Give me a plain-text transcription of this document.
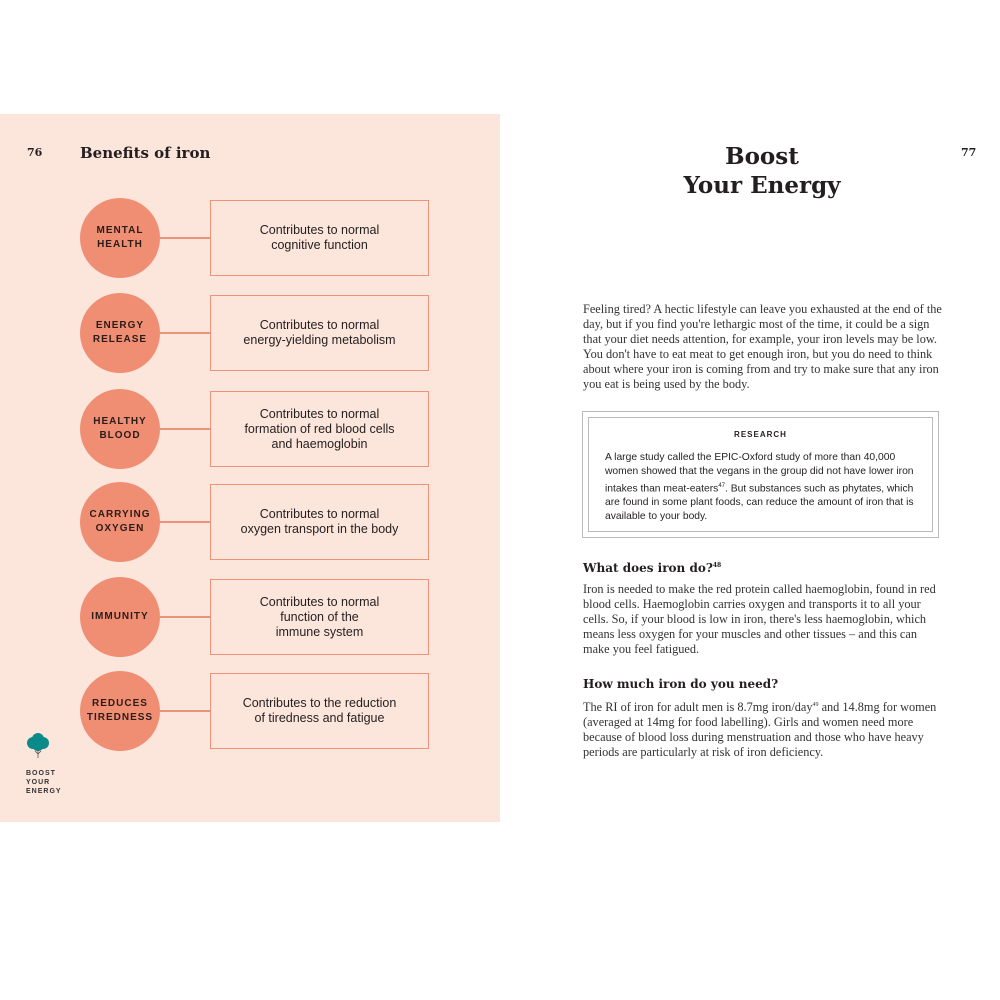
76	Benefits of iron
MENTAL
HEALTH
Contributes to normal
cognitive function
ENERGY
RELEASE
Contributes to normal
energy-yielding metabolism
HEALTHY
BLOOD
Contributes to normal
formation of red blood cells
and haemoglobin
CARRYING
OXYGEN
Contributes to normal
oxygen transport in the body
IMMUNITY
Contributes to normal
function of the
immune system
REDUCES
TIREDNESS
Contributes to the reduction
of tiredness and fatigue
BOOST
YOUR
ENERGY
77
Boost
Your Energy

Feeling tired? A hectic lifestyle can leave you exhausted at the end of the day, but if you find you're lethargic most of the time, it could be a sign that your diet needs attention, for example, your iron levels may be low. You don't have to eat meat to get enough iron, but you do need to think about where your iron is coming from and try to make sure that any iron you eat is being used by the body.

RESEARCH

A large study called the EPIC-Oxford study of more than 40,000 women showed that the vegans in the group did not have lower iron intakes than meat-eaters$^{47}$. But substances such as phytates, which are found in some plant foods, can reduce the amount of iron that is available to your body.

What does iron do?$^{48}$

Iron is needed to make the red protein called haemoglobin, found in red blood cells. Haemoglobin carries oxygen and transports it to all your cells. So, if your blood is low in iron, there's less haemoglobin, which means less oxygen for your muscles and other tissues – and this can make you feel fatigued.

How much iron do you need?

The RI of iron for adult men is 8.7mg iron/day$^{49}$ and 14.8mg for women (averaged at 14mg for food labelling). Girls and women need more because of blood loss during menstruation and those who have heavy periods are particularly at risk of iron deficiency.
